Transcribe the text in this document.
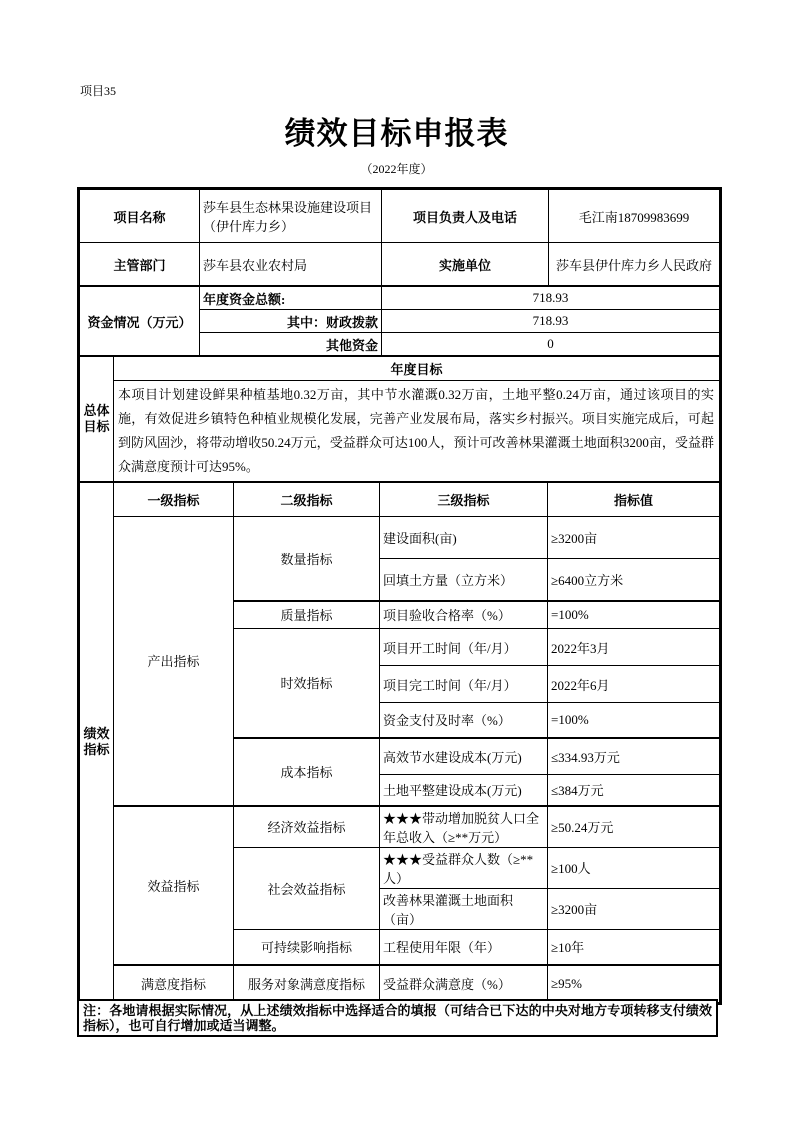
项目35
绩效目标申报表
（2022年度）
项目名称	莎车县生态林果设施建设项目（伊什库力乡）	项目负责人及电话	毛江南18709983699
主管部门	莎车县农业农村局	实施单位	莎车县伊什库力乡人民政府
资金情况（万元）	年度资金总额:	718.93
	其中：财政拨款	718.93
	其他资金	0
总体目标	年度目标
本项目计划建设鲜果种植基地0.32万亩，其中节水灌溉0.32万亩，土地平整0.24万亩，通过该项目的实施，有效促进乡镇特色种植业规模化发展，完善产业发展布局，落实乡村振兴。项目实施完成后，可起到防风固沙，将带动增收50.24万元，受益群众可达100人，预计可改善林果灌溉土地面积3200亩，受益群众满意度预计可达95%。
绩效指标	一级指标	二级指标	三级指标	指标值
	产出指标	数量指标	建设面积(亩)	≥3200亩
			回填土方量（立方米）	≥6400立方米
		质量指标	项目验收合格率（%）	=100%
		时效指标	项目开工时间（年/月）	2022年3月
			项目完工时间（年/月）	2022年6月
			资金支付及时率（%）	=100%
		成本指标	高效节水建设成本(万元)	≤334.93万元
			土地平整建设成本(万元)	≤384万元
	效益指标	经济效益指标	★★★带动增加脱贫人口全年总收入（≥**万元）	≥50.24万元
		社会效益指标	★★★受益群众人数（≥**人）	≥100人
			改善林果灌溉土地面积（亩）	≥3200亩
		可持续影响指标	工程使用年限（年）	≥10年
	满意度指标	服务对象满意度指标	受益群众满意度（%）	≥95%
注：各地请根据实际情况，从上述绩效指标中选择适合的填报（可结合已下达的中央对地方专项转移支付绩效指标），也可自行增加或适当调整。
